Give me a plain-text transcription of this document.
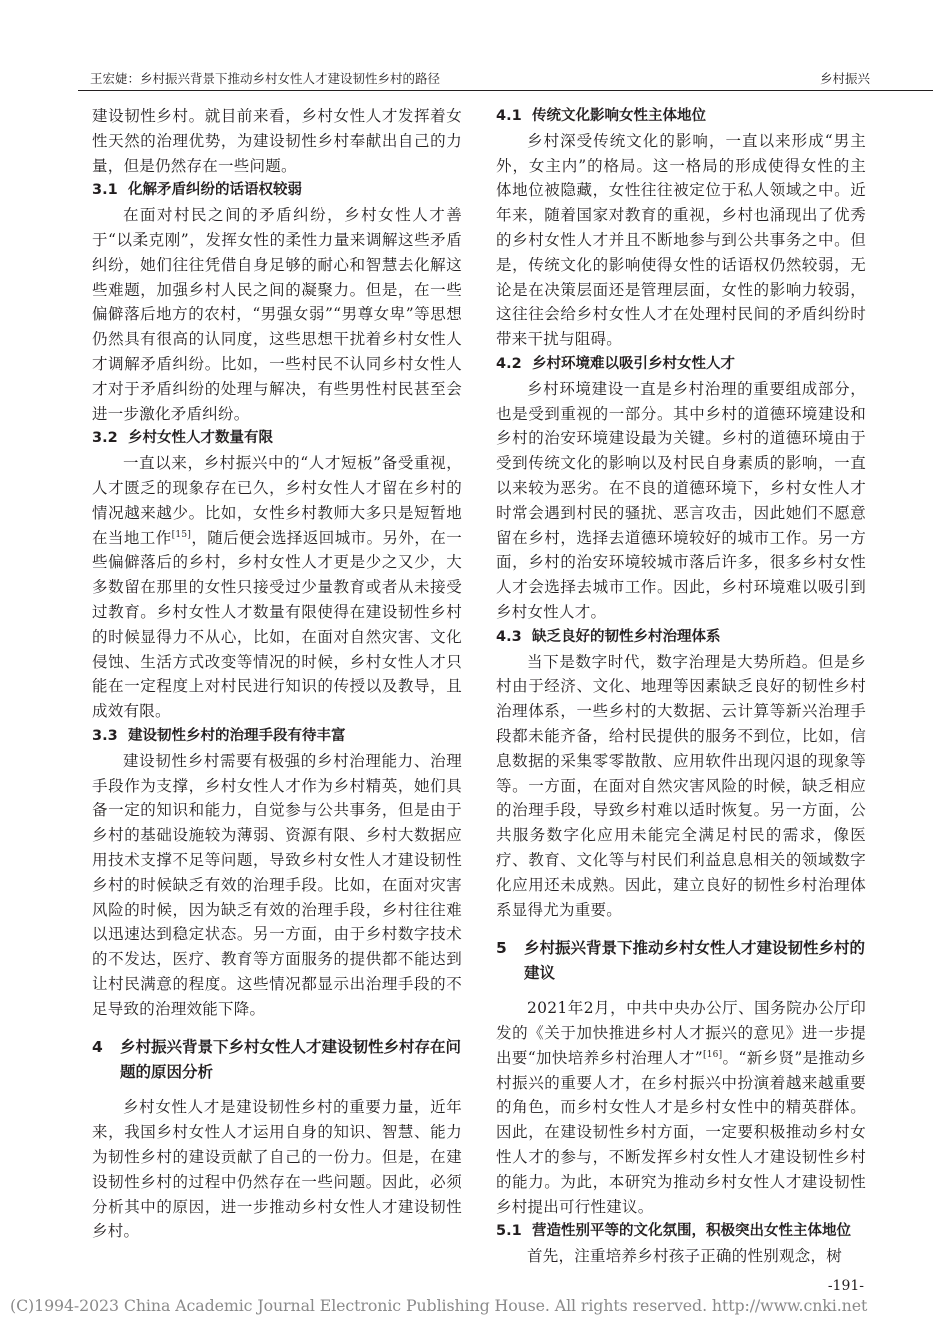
王宏婕：乡村振兴背景下推动乡村女性人才建设韧性乡村的路径	乡村振兴

建设韧性乡村。就目前来看，乡村女性人才发挥着女性天然的治理优势，为建设韧性乡村奉献出自己的力量，但是仍然存在一些问题。

3.1 化解矛盾纠纷的话语权较弱

在面对村民之间的矛盾纠纷，乡村女性人才善于“以柔克刚”，发挥女性的柔性力量来调解这些矛盾纠纷，她们往往凭借自身足够的耐心和智慧去化解这些难题，加强乡村人民之间的凝聚力。但是，在一些偏僻落后地方的农村，“男强女弱”“男尊女卑”等思想仍然具有很高的认同度，这些思想干扰着乡村女性人才调解矛盾纠纷。比如，一些村民不认同乡村女性人才对于矛盾纠纷的处理与解决，有些男性村民甚至会进一步激化矛盾纠纷。

3.2 乡村女性人才数量有限

一直以来，乡村振兴中的“人才短板”备受重视，人才匮乏的现象存在已久，乡村女性人才留在乡村的情况越来越少。比如，女性乡村教师大多只是短暂地在当地工作[15]，随后便会选择返回城市。另外，在一些偏僻落后的乡村，乡村女性人才更是少之又少，大多数留在那里的女性只接受过少量教育或者从未接受过教育。乡村女性人才数量有限使得在建设韧性乡村的时候显得力不从心，比如，在面对自然灾害、文化侵蚀、生活方式改变等情况的时候，乡村女性人才只能在一定程度上对村民进行知识的传授以及教导，且成效有限。

3.3 建设韧性乡村的治理手段有待丰富

建设韧性乡村需要有极强的乡村治理能力、治理手段作为支撑，乡村女性人才作为乡村精英，她们具备一定的知识和能力，自觉参与公共事务，但是由于乡村的基础设施较为薄弱、资源有限、乡村大数据应用技术支撑不足等问题，导致乡村女性人才建设韧性乡村的时候缺乏有效的治理手段。比如，在面对灾害风险的时候，因为缺乏有效的治理手段，乡村往往难以迅速达到稳定状态。另一方面，由于乡村数字技术的不发达，医疗、教育等方面服务的提供都不能达到让村民满意的程度。这些情况都显示出治理手段的不足导致的治理效能下降。

4	乡村振兴背景下乡村女性人才建设韧性乡村存在问题的原因分析

乡村女性人才是建设韧性乡村的重要力量，近年来，我国乡村女性人才运用自身的知识、智慧、能力为韧性乡村的建设贡献了自己的一份力。但是，在建设韧性乡村的过程中仍然存在一些问题。因此，必须分析其中的原因，进一步推动乡村女性人才建设韧性乡村。

4.1 传统文化影响女性主体地位

乡村深受传统文化的影响，一直以来形成“男主外，女主内”的格局。这一格局的形成使得女性的主体地位被隐藏，女性往往被定位于私人领域之中。近年来，随着国家对教育的重视，乡村也涌现出了优秀的乡村女性人才并且不断地参与到公共事务之中。但是，传统文化的影响使得女性的话语权仍然较弱，无论是在决策层面还是管理层面，女性的影响力较弱，这往往会给乡村女性人才在处理村民间的矛盾纠纷时带来干扰与阻碍。

4.2 乡村环境难以吸引乡村女性人才

乡村环境建设一直是乡村治理的重要组成部分，也是受到重视的一部分。其中乡村的道德环境建设和乡村的治安环境建设最为关键。乡村的道德环境由于受到传统文化的影响以及村民自身素质的影响，一直以来较为恶劣。在不良的道德环境下，乡村女性人才时常会遇到村民的骚扰、恶言攻击，因此她们不愿意留在乡村，选择去道德环境较好的城市工作。另一方面，乡村的治安环境较城市落后许多，很多乡村女性人才会选择去城市工作。因此，乡村环境难以吸引到乡村女性人才。

4.3 缺乏良好的韧性乡村治理体系

当下是数字时代，数字治理是大势所趋。但是乡村由于经济、文化、地理等因素缺乏良好的韧性乡村治理体系，一些乡村的大数据、云计算等新兴治理手段都未能齐备，给村民提供的服务不到位，比如，信息数据的采集零零散散、应用软件出现闪退的现象等等。一方面，在面对自然灾害风险的时候，缺乏相应的治理手段，导致乡村难以适时恢复。另一方面，公共服务数字化应用未能完全满足村民的需求，像医疗、教育、文化等与村民们利益息息相关的领域数字化应用还未成熟。因此，建立良好的韧性乡村治理体系显得尤为重要。

5	乡村振兴背景下推动乡村女性人才建设韧性乡村的建议

2021年2月，中共中央办公厅、国务院办公厅印发的《关于加快推进乡村人才振兴的意见》进一步提出要“加快培养乡村治理人才”[16]。“新乡贤”是推动乡村振兴的重要人才，在乡村振兴中扮演着越来越重要的角色，而乡村女性人才是乡村女性中的精英群体。因此，在建设韧性乡村方面，一定要积极推动乡村女性人才的参与，不断发挥乡村女性人才建设韧性乡村的能力。为此，本研究为推动乡村女性人才建设韧性乡村提出可行性建议。

5.1 营造性别平等的文化氛围，积极突出女性主体地位

首先，注重培养乡村孩子正确的性别观念，树

-191-
(C)1994-2023 China Academic Journal Electronic Publishing House. All rights reserved. http://www.cnki.net
